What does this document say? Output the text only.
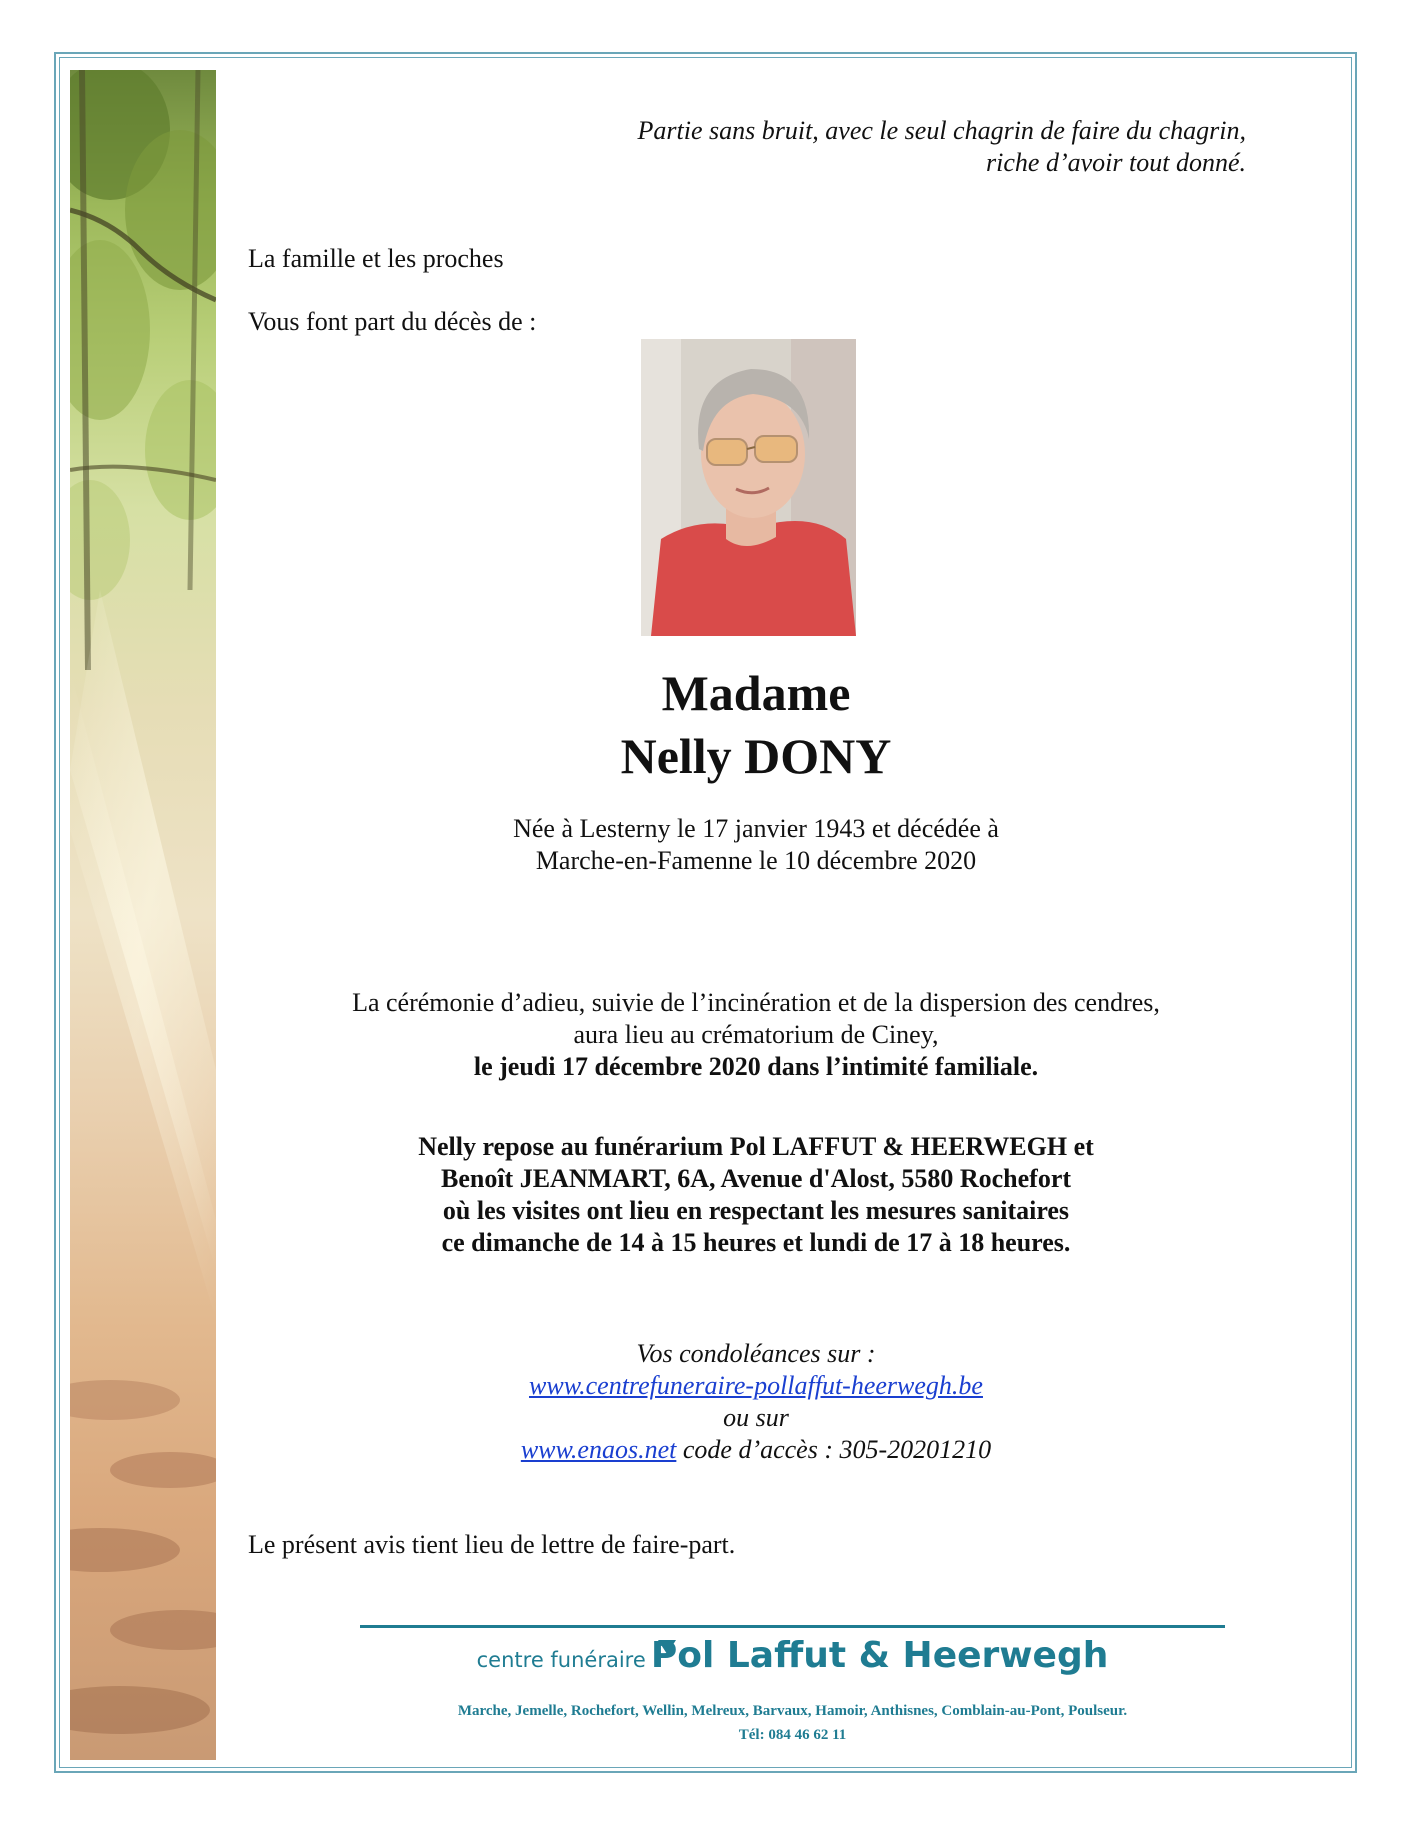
Partie sans bruit, avec le seul chagrin de faire du chagrin,
riche d’avoir tout donné.
La famille et les proches
Vous font part du décès de :
Madame
Nelly DONY
Née à Lesterny le 17 janvier 1943 et décédée à
Marche-en-Famenne le 10 décembre 2020
La cérémonie d’adieu, suivie de l’incinération et de la dispersion des cendres,
aura lieu au crématorium de Ciney,
le jeudi 17 décembre 2020 dans l’intimité familiale.
Nelly repose au funérarium Pol LAFFUT & HEERWEGH et
Benoît JEANMART, 6A, Avenue d'Alost, 5580 Rochefort
où les visites ont lieu en respectant les mesures sanitaires
ce dimanche de 14 à 15 heures et lundi de 17 à 18 heures.
Vos condoléances sur :
www.centrefuneraire-pollaffut-heerwegh.be
ou sur
www.enaos.net code d’accès : 305-20201210
Le présent avis tient lieu de lettre de faire-part.
centre funéraire Pol Laffut & Heerwegh
Marche, Jemelle, Rochefort, Wellin, Melreux, Barvaux, Hamoir, Anthisnes, Comblain-au-Pont, Poulseur.
Tél: 084 46 62 11
